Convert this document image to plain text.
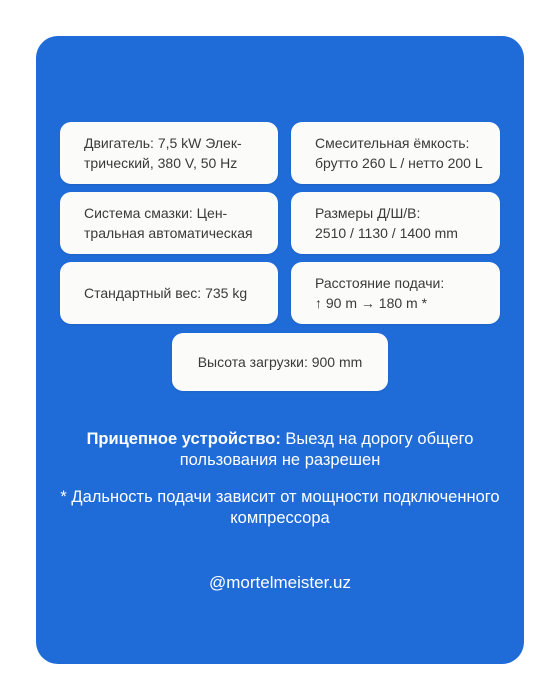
Двигатель: 7,5 kW Элек-
трический, 380 V, 50 Hz
Смесительная ёмкость:
брутто 260 L / нетто 200 L
Система смазки: Цен-
тральная автоматическая
Размеры Д/Ш/В:
2510 / 1130 / 1400 mm
Стандартный вес: 735 kg
Расстояние подачи:
↑ 90 m → 180 m *
Высота загрузки: 900 mm
Прицепное устройство: Выезд на дорогу общего пользования не разрешен
* Дальность подачи зависит от мощности подключенного компрессора
@mortelmeister.uz
